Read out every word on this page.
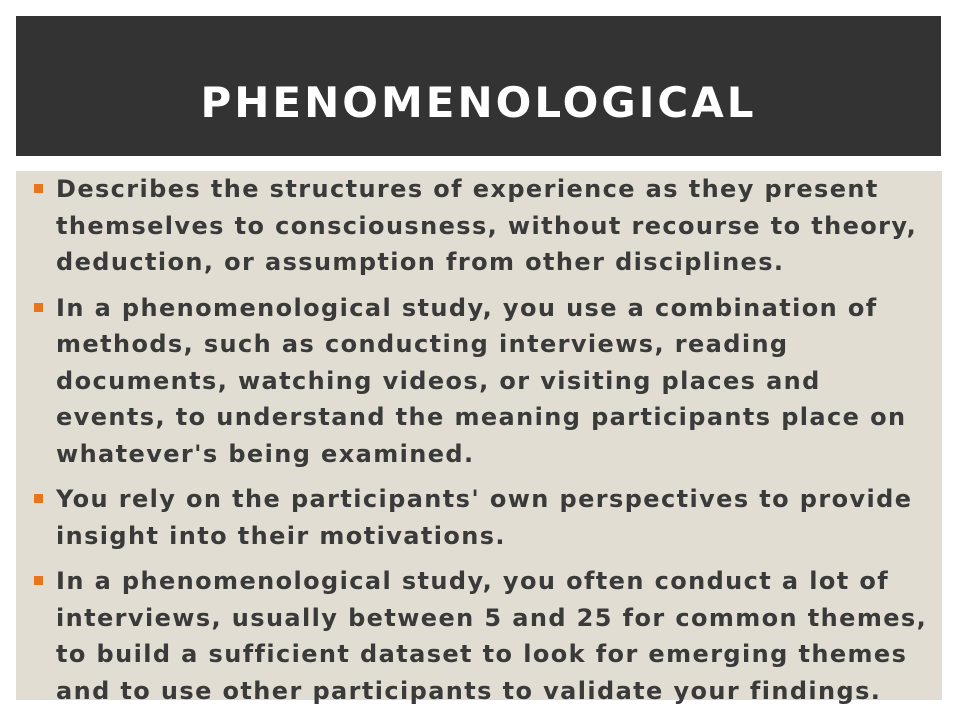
PHENOMENOLOGICAL
Describes the structures of experience as they present themselves to consciousness, without recourse to theory, deduction, or assumption from other disciplines.
In a phenomenological study, you use a combination of methods, such as conducting interviews, reading documents, watching videos, or visiting places and events, to understand the meaning participants place on whatever's being examined.
You rely on the participants' own perspectives to provide insight into their motivations.
In a phenomenological study, you often conduct a lot of interviews, usually between 5 and 25 for common themes, to build a sufficient dataset to look for emerging themes and to use other participants to validate your findings.
